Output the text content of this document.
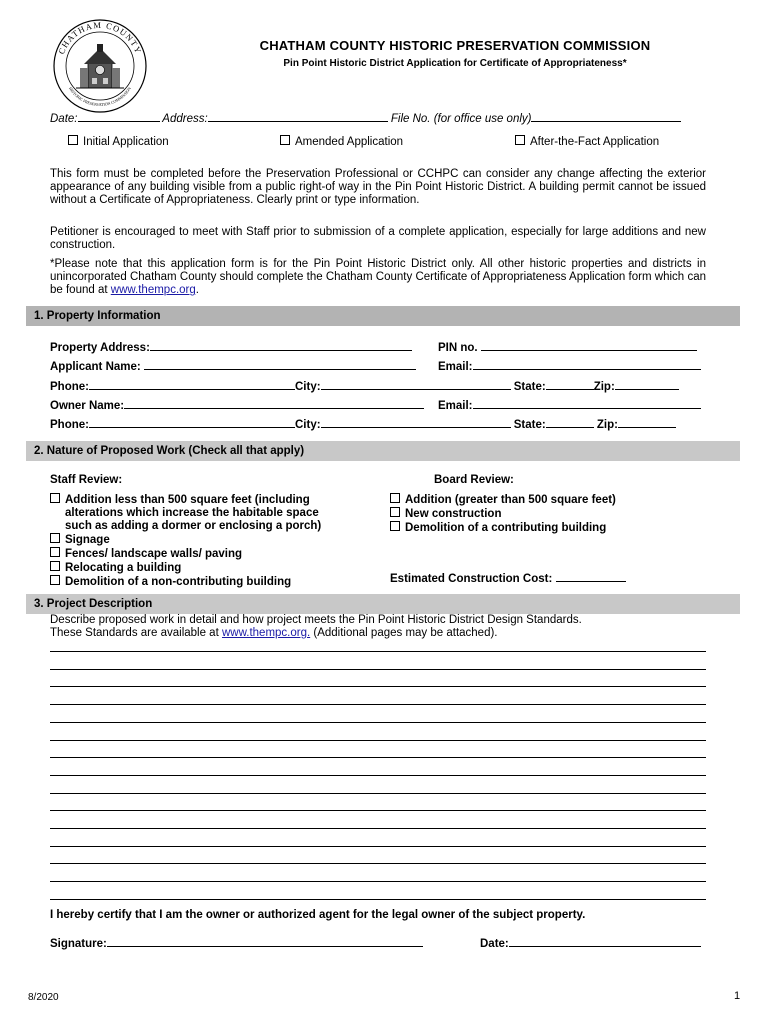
CHATHAM COUNTY
HISTORIC PRESERVATION COMMISSION
CHATHAM COUNTY HISTORIC PRESERVATION COMMISSION
Pin Point Historic District Application for Certificate of Appropriateness*
Date:	Address:	File No. (for office use only)
Initial Application	Amended Application	After-the-Fact Application
This form must be completed before the Preservation Professional or CCHPC can consider any change affecting the exterior appearance of any building visible from a public right-of way in the Pin Point Historic District. A building permit cannot be issued without a Certificate of Appropriateness. Clearly print or type information.
Petitioner is encouraged to meet with Staff prior to submission of a complete application, especially for large additions and new construction.
*Please note that this application form is for the Pin Point Historic District only. All other historic properties and districts in unincorporated Chatham County should complete the Chatham County Certificate of Appropriateness Application form which can be found at www.thempc.org.
1. Property Information
Property Address:	PIN no.
Applicant Name:	Email:
Phone:	City:	State:	Zip:
Owner Name:	Email:
Phone:	City:	State:	Zip:
2. Nature of Proposed Work (Check all that apply)
Staff Review:	Board Review:
Addition less than 500 square feet (including
alterations which increase the habitable space
such as adding a dormer or enclosing a porch)
Signage
Fences/ landscape walls/ paving
Relocating a building
Demolition of a non-contributing building
Addition (greater than 500 square feet)
New construction
Demolition of a contributing building
Estimated Construction Cost:
3. Project Description
Describe proposed work in detail and how project meets the Pin Point Historic District Design Standards.
These Standards are available at www.thempc.org. (Additional pages may be attached).
I hereby certify that I am the owner or authorized agent for the legal owner of the subject property.
Signature:	Date:
8/2020	1
